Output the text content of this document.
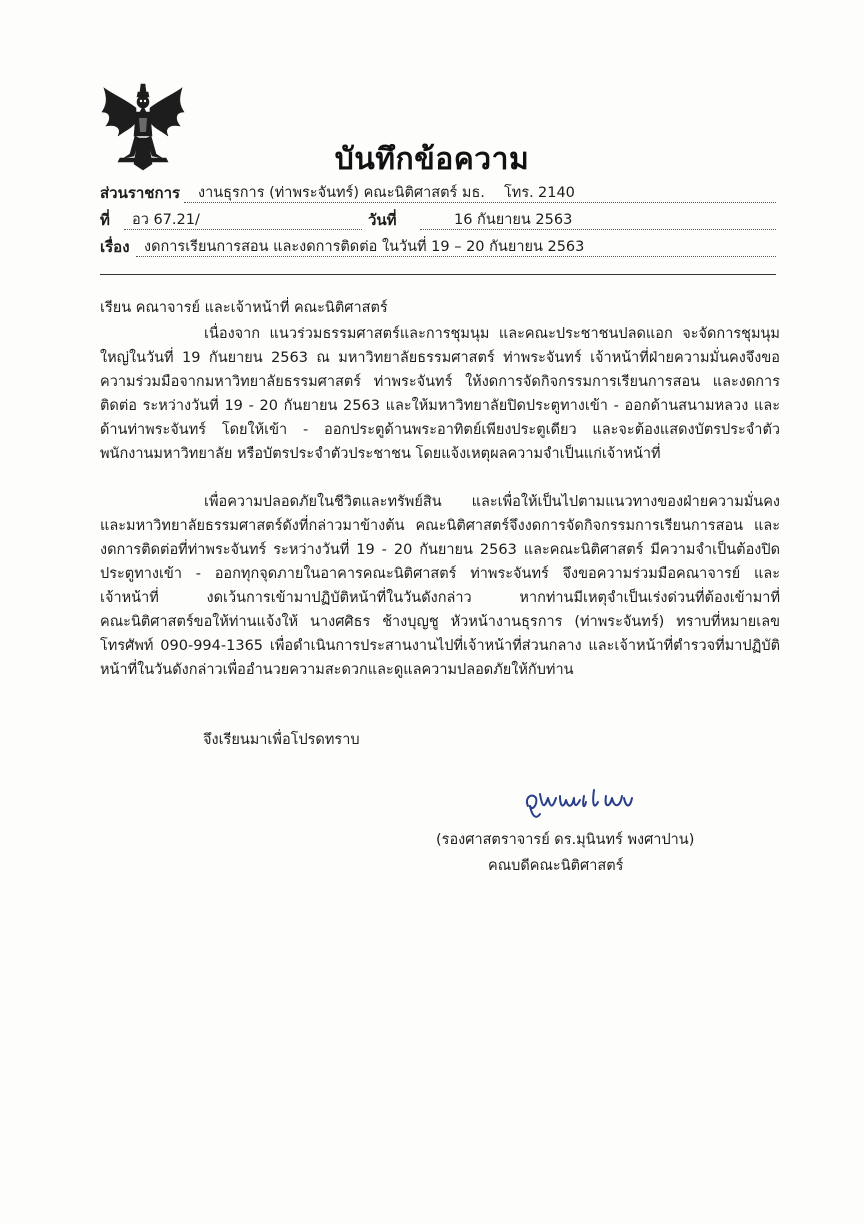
บันทึกข้อความ
ส่วนราชการ งานธุรการ (ท่าพระจันทร์) คณะนิติศาสตร์ มธ. โทร. 2140
ที่ อว 67.21/	วันที่	16 กันยายน 2563
เรื่อง งดการเรียนการสอน และงดการติดต่อ ในวันที่ 19 – 20 กันยายน 2563
เรียน คณาจารย์ และเจ้าหน้าที่ คณะนิติศาสตร์
เนื่องจาก แนวร่วมธรรมศาสตร์และการชุมนุม และคณะประชาชนปลดแอก จะจัดการชุมนุม
ใหญ่ในวันที่ 19 กันยายน 2563 ณ มหาวิทยาลัยธรรมศาสตร์ ท่าพระจันทร์ เจ้าหน้าที่ฝ่ายความมั่นคงจึงขอ
ความร่วมมือจากมหาวิทยาลัยธรรมศาสตร์ ท่าพระจันทร์ ให้งดการจัดกิจกรรมการเรียนการสอน และงดการ
ติดต่อ ระหว่างวันที่ 19 - 20 กันยายน 2563 และให้มหาวิทยาลัยปิดประตูทางเข้า - ออกด้านสนามหลวง และ
ด้านท่าพระจันทร์ โดยให้เข้า - ออกประตูด้านพระอาทิตย์เพียงประตูเดียว และจะต้องแสดงบัตรประจำตัว
พนักงานมหาวิทยาลัย หรือบัตรประจำตัวประชาชน โดยแจ้งเหตุผลความจำเป็นแก่เจ้าหน้าที่
เพื่อความปลอดภัยในชีวิตและทรัพย์สิน และเพื่อให้เป็นไปตามแนวทางของฝ่ายความมั่นคง
และมหาวิทยาลัยธรรมศาสตร์ดังที่กล่าวมาข้างต้น คณะนิติศาสตร์จึงงดการจัดกิจกรรมการเรียนการสอน และ
งดการติดต่อที่ท่าพระจันทร์ ระหว่างวันที่ 19 - 20 กันยายน 2563 และคณะนิติศาสตร์ มีความจำเป็นต้องปิด
ประตูทางเข้า - ออกทุกจุดภายในอาคารคณะนิติศาสตร์ ท่าพระจันทร์ จึงขอความร่วมมือคณาจารย์ และ
เจ้าหน้าที่ งดเว้นการเข้ามาปฏิบัติหน้าที่ในวันดังกล่าว หากท่านมีเหตุจำเป็นเร่งด่วนที่ต้องเข้ามาที่
คณะนิติศาสตร์ขอให้ท่านแจ้งให้ นางศศิธร ช้างบุญชู หัวหน้างานธุรการ (ท่าพระจันทร์) ทราบที่หมายเลข
โทรศัพท์ 090-994-1365 เพื่อดำเนินการประสานงานไปที่เจ้าหน้าที่ส่วนกลาง และเจ้าหน้าที่ตำรวจที่มาปฏิบัติ
หน้าที่ในวันดังกล่าวเพื่ออำนวยความสะดวกและดูแลความปลอดภัยให้กับท่าน
จึงเรียนมาเพื่อโปรดทราบ
(รองศาสตราจารย์ ดร.มุนินทร์ พงศาปาน)
คณบดีคณะนิติศาสตร์
